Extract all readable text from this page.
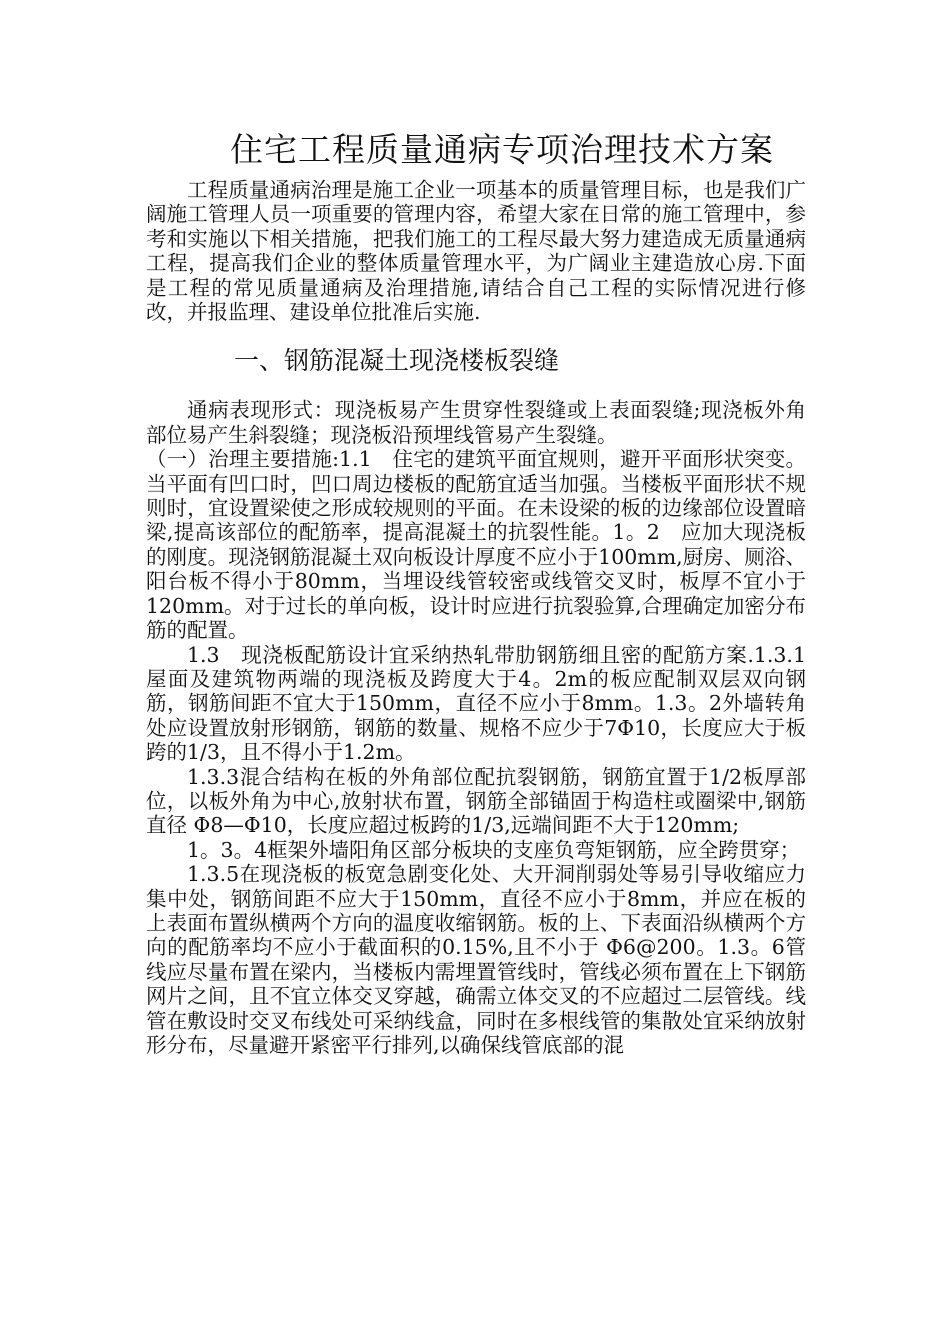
住宅工程质量通病专项治理技术方案

工程质量通病治理是施工企业一项基本的质量管理目标，也是我们广阔施工管理人员一项重要的管理内容，希望大家在日常的施工管理中，参考和实施以下相关措施，把我们施工的工程尽最大努力建造成无质量通病工程，提高我们企业的整体质量管理水平，为广阔业主建造放心房.下面是工程的常见质量通病及治理措施,请结合自己工程的实际情况进行修改，并报监理、建设单位批准后实施.

一、钢筋混凝土现浇楼板裂缝

通病表现形式：现浇板易产生贯穿性裂缝或上表面裂缝;现浇板外角部位易产生斜裂缝；现浇板沿预埋线管易产生裂缝。

（一）治理主要措施:1.1　住宅的建筑平面宜规则，避开平面形状突变。当平面有凹口时，凹口周边楼板的配筋宜适当加强。当楼板平面形状不规则时，宜设置梁使之形成较规则的平面。在未设梁的板的边缘部位设置暗梁,提高该部位的配筋率，提高混凝土的抗裂性能。1。2　应加大现浇板的刚度。现浇钢筋混凝土双向板设计厚度不应小于100mm,厨房、厕浴、阳台板不得小于80mm，当埋设线管较密或线管交叉时，板厚不宜小于120mm。对于过长的单向板，设计时应进行抗裂验算,合理确定加密分布筋的配置。

1.3　现浇板配筋设计宜采纳热轧带肋钢筋细且密的配筋方案.1.3.1屋面及建筑物两端的现浇板及跨度大于4。2m的板应配制双层双向钢筋，钢筋间距不宜大于150mm，直径不应小于8mm。1.3。2外墙转角处应设置放射形钢筋，钢筋的数量、规格不应少于7Φ10，长度应大于板跨的1/3，且不得小于1.2m。

1.3.3混合结构在板的外角部位配抗裂钢筋，钢筋宜置于1/2板厚部位，以板外角为中心,放射状布置，钢筋全部锚固于构造柱或圈梁中,钢筋直径 Φ8—Φ10，长度应超过板跨的1/3,远端间距不大于120mm;

1。3。4框架外墙阳角区部分板块的支座负弯矩钢筋，应全跨贯穿；

1.3.5在现浇板的板宽急剧变化处、大开洞削弱处等易引导收缩应力集中处，钢筋间距不应大于150mm，直径不应小于8mm，并应在板的上表面布置纵横两个方向的温度收缩钢筋。板的上、下表面沿纵横两个方向的配筋率均不应小于截面积的0.15%,且不小于 Φ6@200。1.3。6管线应尽量布置在梁内，当楼板内需埋置管线时，管线必须布置在上下钢筋网片之间，且不宜立体交叉穿越，确需立体交叉的不应超过二层管线。线管在敷设时交叉布线处可采纳线盒，同时在多根线管的集散处宜采纳放射形分布，尽量避开紧密平行排列,以确保线管底部的混
